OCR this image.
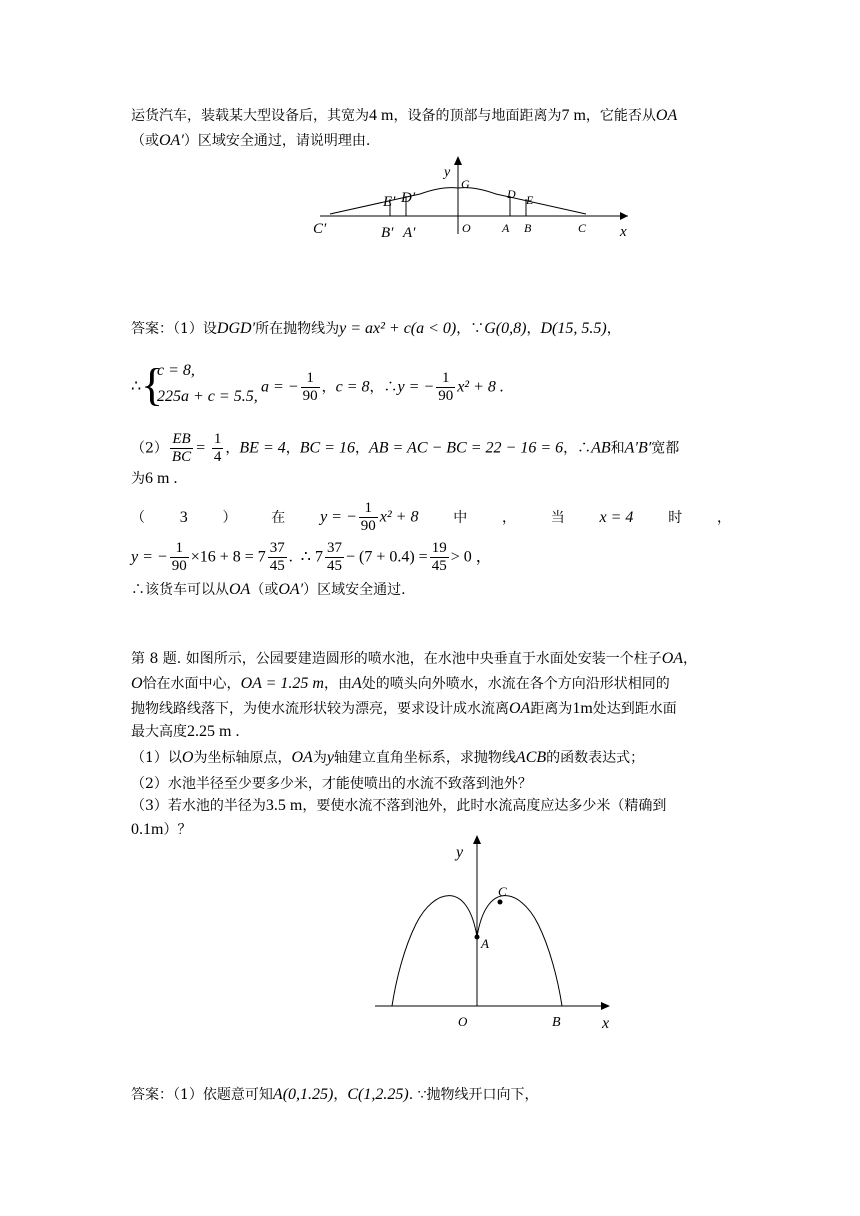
运货汽车，装载某大型设备后，其宽为4 m，设备的顶部与地面距离为7 m，它能否从OA
（或OA′）区域安全通过，请说明理由.
y
x
C′	B′ A′	O	A B	C
G
D E
E′ D′
答案：（1）设DGD′所在抛物线为y = ax² + c(a < 0)，∵G(0,8)，D(15, 5.5)，
∴ {
c = 8,
225a + c = 5.5,
a = − $\frac{1}{90}$ ，c = 8，∴y = − $\frac{1}{90} x^2 + 8$ .
$(2) \frac{EB}{BC} = \frac{1}{4}$ ，BE = 4，BC = 16，AB = AC − BC = 22 − 16 = 6，∴AB和A′B′宽都
为6 m .
（ 3 ） 在 y = − $\frac{1}{90} x^2 + 8$ 中 ， 当 x = 4 时 ，
y = − $\frac{1}{90} \times 16 + 8 = 7 \frac{37}{45}$ . ∴ $7 \frac{37}{45} - (7 + 0.4) = \frac{19}{45} > 0$ ，
∴该货车可以从OA（或OA′）区域安全通过.
第 8 题. 如图所示，公园要建造圆形的喷水池，在水池中央垂直于水面处安装一个柱子OA，
O恰在水面中心，OA = 1.25 m，由A处的喷头向外喷水，水流在各个方向沿形状相同的
抛物线路线落下，为使水流形状较为漂亮，要求设计成水流离OA距离为1m处达到距水面
最大高度2.25 m .
（1）以O为坐标轴原点，OA为y轴建立直角坐标系，求抛物线ACB的函数表达式；
（2）水池半径至少要多少米，才能使喷出的水流不致落到池外？
（3）若水池的半径为3.5 m，要使水流不落到池外，此时水流高度应达多少米（精确到
0.1m）？
y
x
O	B
A
C
答案：（1）依题意可知A(0,1.25)，C(1,2.25). ∵抛物线开口向下，
